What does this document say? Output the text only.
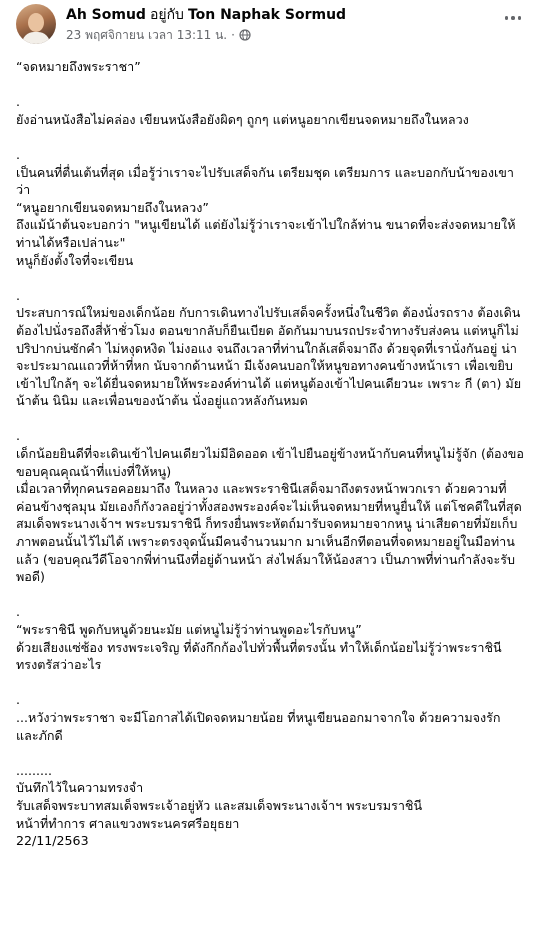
Ah Somud อยู่กับ Ton Naphak Sormud
23 พฤศจิกายน เวลา 13:11 น. ·

“จดหมายถึงพระราชา”

.
ยังอ่านหนังสือไม่คล่อง เขียนหนังสือยังผิดๆ ถูกๆ แต่หนูอยากเขียนจดหมายถึงในหลวง

.
เป็นคนที่ตื่นเต้นที่สุด เมื่อรู้ว่าเราจะไปรับเสด็จกัน เตรียมชุด เตรียมการ และบอกกับน้าของเขาว่า
“หนูอยากเขียนจดหมายถึงในหลวง”
ถึงแม้น้าต้นจะบอกว่า "หนูเขียนได้ แต่ยังไม่รู้ว่าเราจะเข้าไปใกล้ท่าน ขนาดที่จะส่งจดหมายให้ท่านได้หรือเปล่านะ"
หนูก็ยังตั้งใจที่จะเขียน

.
ประสบการณ์ใหม่ของเด็กน้อย กับการเดินทางไปรับเสด็จครั้งหนึ่งในชีวิต ต้องนั่งรถราง ต้องเดิน ต้องไปนั่งรอถึงสี่ห้าชั่วโมง ตอนขากลับก็ยืนเบียด อัดกันมาบนรถประจำทางรับส่งคน แต่หนูก็ไม่ปริปากบ่นซักคำ ไม่หงุดหงิด ไม่งอแง จนถึงเวลาที่ท่านใกล้เสด็จมาถึง ด้วยจุดที่เรานั่งกันอยู่ น่าจะประมาณแถวที่ห้าที่หก นับจากด้านหน้า มีเจ้งคนบอกให้หนูขอทางคนข้างหน้าเรา เพื่อเขยิบเข้าไปใกล้ๆ จะได้ยื่นจดหมายให้พระองค์ท่านได้ แต่หนูต้องเข้าไปคนเดียวนะ เพราะ กี (ตา) มัย น้าต้น นินิม และเพื่อนของน้าต้น นั่งอยู่แถวหลังกันหมด

.
เด็กน้อยยินดีที่จะเดินเข้าไปคนเดียวไม่มีอิดออด เข้าไปยืนอยู่ข้างหน้ากับคนที่หนูไม่รู้จัก (ต้องขอขอบคุณคุณน้าที่แบ่งที่ให้หนู)
เมื่อเวลาที่ทุกคนรอคอยมาถึง ในหลวง และพระราชินีเสด็จมาถึงตรงหน้าพวกเรา ด้วยความที่ค่อนข้างชุลมุน มัยเองก็กังวลอยู่ว่าทั้งสองพระองค์จะไม่เห็นจดหมายที่หนูยื่นให้ แต่โชคดีในที่สุด สมเด็จพระนางเจ้าฯ พระบรมราชินี ก็ทรงยื่นพระหัตถ์มารับจดหมายจากหนู น่าเสียดายที่มัยเก็บภาพตอนนั้นไว้ไม่ได้ เพราะตรงจุดนั้นมีคนจำนวนมาก มาเห็นอีกทีตอนที่จดหมายอยู่ในมือท่านแล้ว (ขอบคุณวีดีโอจากพี่ท่านนึงที่อยู่ด้านหน้า ส่งไฟล์มาให้น้องสาว เป็นภาพที่ท่านกำลังจะรับพอดี)

.
“พระราชินี พูดกับหนูด้วยนะมัย แต่หนูไม่รู้ว่าท่านพูดอะไรกับหนู”
ด้วยเสียงแซ่ซ้อง ทรงพระเจริญ ที่ดังกึกก้องไปทั่วพื้นที่ตรงนั้น ทำให้เด็กน้อยไม่รู้ว่าพระราชินี ทรงตรัสว่าอะไร

.
...หวังว่าพระราชา จะมีโอกาสได้เปิดจดหมายน้อย ที่หนูเขียนออกมาจากใจ ด้วยความจงรัก และภักดี

.........
บันทึกไว้ในความทรงจำ
รับเสด็จพระบาทสมเด็จพระเจ้าอยู่หัว และสมเด็จพระนางเจ้าฯ พระบรมราชินี
หน้าที่ทำการ ศาลแขวงพระนครศรีอยุธยา
22/11/2563
